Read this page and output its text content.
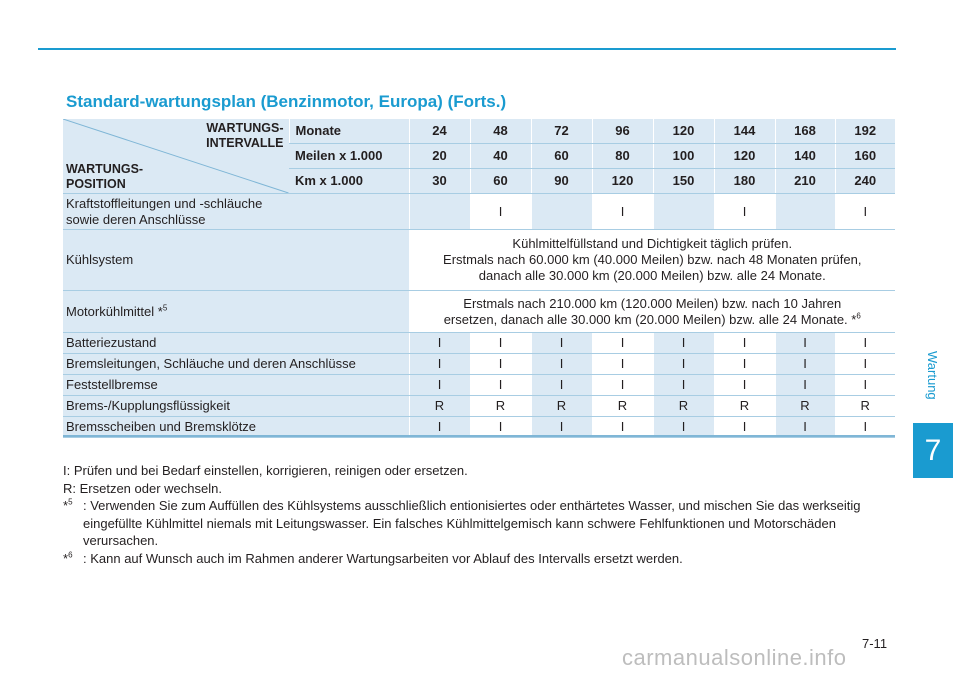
Standard-wartungsplan (Benzinmotor, Europa) (Forts.)
WARTUNGS-
INTERVALLE
WARTUNGS-
POSITION	Monate	24	48	72	96	120	144	168	192
	Meilen x 1.000	20	40	60	80	100	120	140	160
	Km x 1.000	30	60	90	120	150	180	210	240

Kraftstoffleitungen und -schläuche
sowie deren Anschlüsse			I		I		I		I
Kühlsystem		Kühlmittelfüllstand und Dichtigkeit täglich prüfen.
Erstmals nach 60.000 km (40.000 Meilen) bzw. nach 48 Monaten prüfen,
danach alle 30.000 km (20.000 Meilen) bzw. alle 24 Monate.							

Motorkühlmittel *$^5$		Erstmals nach 210.000 km (120.000 Meilen) bzw. nach 10 Jahren
ersetzen, danach alle 30.000 km (20.000 Meilen) bzw. alle 24 Monate. *$^6$

Batteriezustand		I	I	I	I	I	I	I	I
Bremsleitungen, Schläuche und deren Anschlüsse		I	I	I	I	I	I	I	I
Feststellbremse		I	I	I	I	I	I	I	I
Brems-/Kupplungsflüssigkeit		R	R	R	R	R	R	R	R
Bremsscheiben und Bremsklötze		I	I	I	I	I	I	I	I
I: Prüfen und bei Bedarf einstellen, korrigieren, reinigen oder ersetzen.
R: Ersetzen oder wechseln.
*$^5$ : Verwenden Sie zum Auffüllen des Kühlsystems ausschließlich entionisiertes oder enthärtetes Wasser, und mischen Sie das werkseitig eingefüllte Kühlmittel niemals mit Leitungswasser. Ein falsches Kühlmittelgemisch kann schwere Fehlfunktionen und Motorschäden verursachen.
*$^6$ : Kann auf Wunsch auch im Rahmen anderer Wartungsarbeiten vor Ablauf des Intervalls ersetzt werden.
Wartung
7
7-11
carmanualsonline.info
